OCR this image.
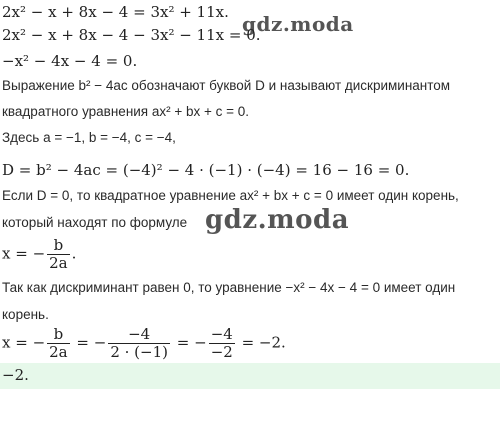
gdz.moda
gdz.moda
2x² − x + 8x − 4 = 3x² + 11x.
2x² − x + 8x − 4 − 3x² − 11x = 0.
−x² − 4x − 4 = 0.
Выражение b² − 4ac обозначают буквой D и называют дискриминантом
квадратного уравнения ax² + bx + c = 0.
Здесь a = −1, b = −4, c = −4,
D = b² − 4ac = (−4)² − 4 · (−1) · (−4) = 16 − 16 = 0.
Если D = 0, то квадратное уравнение ax² + bx + c = 0 имеет один корень,
который находят по формуле
x = − $\frac{b}{2a}$ .
Так как дискриминант равен 0, то уравнение −x² − 4x − 4 = 0 имеет один
корень.
x = − $\frac{b}{2a}$ = − $\frac{-4}{2 \cdot (-1)}$ = − $\frac{-4}{-2} = -2$.
−2.
